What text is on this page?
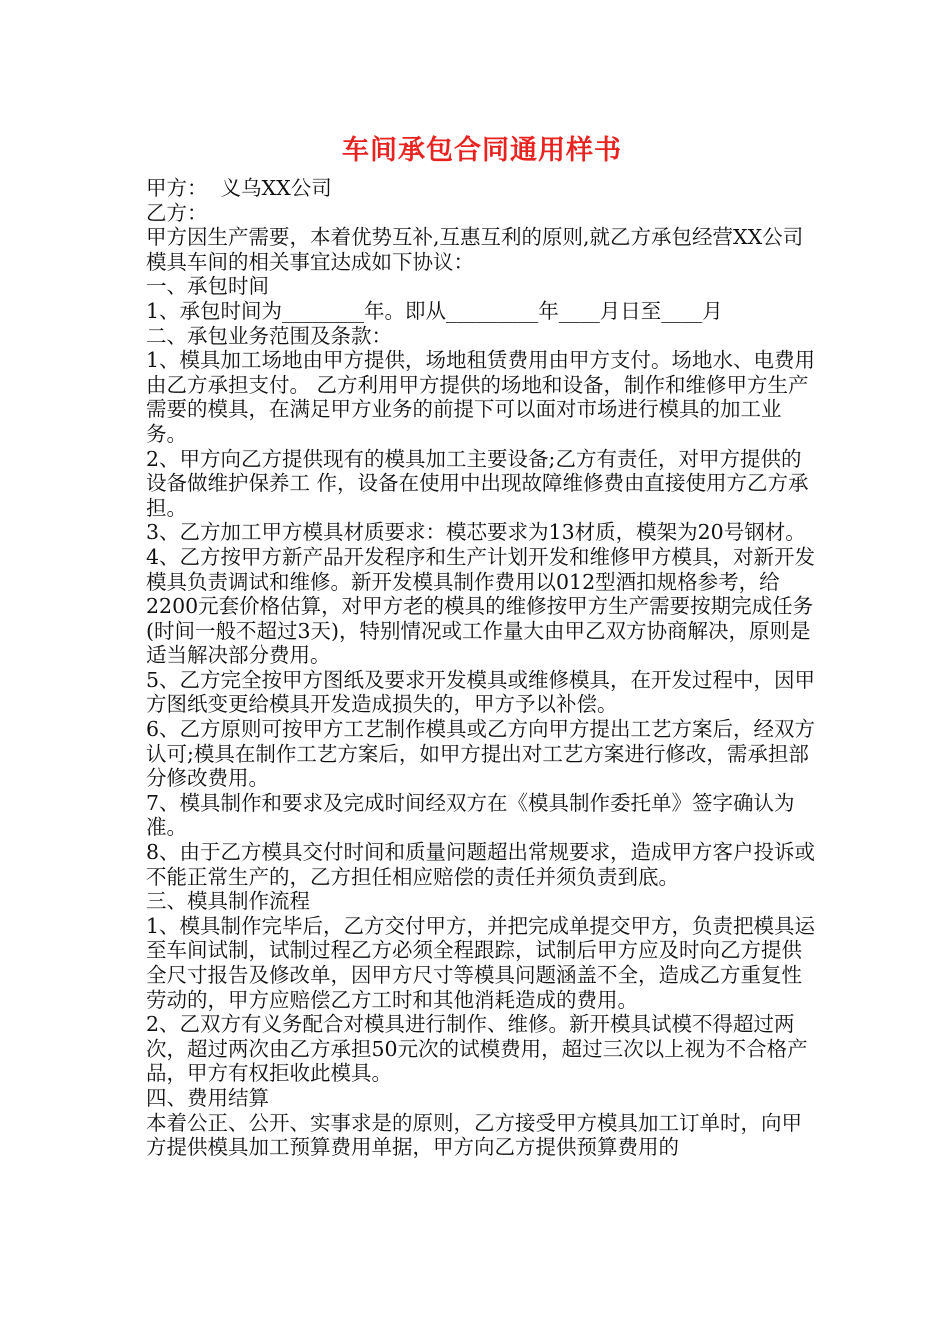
车间承包合同通用样书

甲方：  义乌XX公司

乙方：

甲方因生产需要，本着优势互补,互惠互利的原则,就乙方承包经营XX公司模具车间的相关事宜达成如下协议：

一、承包时间

1、承包时间为________年。即从_________年____月日至____月

二、承包业务范围及条款：

1、模具加工场地由甲方提供，场地租赁费用由甲方支付。场地水、电费用由乙方承担支付。 乙方利用甲方提供的场地和设备，制作和维修甲方生产需要的模具，在满足甲方业务的前提下可以面对市场进行模具的加工业务。

2、甲方向乙方提供现有的模具加工主要设备;乙方有责任，对甲方提供的设备做维护保养工 作，设备在使用中出现故障维修费由直接使用方乙方承担。

3、乙方加工甲方模具材质要求：模芯要求为13材质，模架为20号钢材。

4、乙方按甲方新产品开发程序和生产计划开发和维修甲方模具，对新开发模具负责调试和维修。新开发模具制作费用以012型酒扣规格参考，给2200元套价格估算，对甲方老的模具的维修按甲方生产需要按期完成任务(时间一般不超过3天)，特别情况或工作量大由甲乙双方协商解决，原则是适当解决部分费用。

5、乙方完全按甲方图纸及要求开发模具或维修模具，在开发过程中，因甲方图纸变更给模具开发造成损失的，甲方予以补偿。

6、乙方原则可按甲方工艺制作模具或乙方向甲方提出工艺方案后，经双方认可;模具在制作工艺方案后，如甲方提出对工艺方案进行修改，需承担部分修改费用。

7、模具制作和要求及完成时间经双方在《模具制作委托单》签字确认为准。

8、由于乙方模具交付时间和质量问题超出常规要求，造成甲方客户投诉或不能正常生产的，乙方担任相应赔偿的责任并须负责到底。

三、模具制作流程

1、模具制作完毕后，乙方交付甲方，并把完成单提交甲方，负责把模具运至车间试制，试制过程乙方必须全程跟踪，试制后甲方应及时向乙方提供全尺寸报告及修改单，因甲方尺寸等模具问题涵盖不全，造成乙方重复性劳动的，甲方应赔偿乙方工时和其他消耗造成的费用。

2、乙双方有义务配合对模具进行制作、维修。新开模具试模不得超过两次，超过两次由乙方承担50元次的试模费用，超过三次以上视为不合格产品，甲方有权拒收此模具。

四、费用结算

本着公正、公开、实事求是的原则，乙方接受甲方模具加工订单时，向甲方提供模具加工预算费用单据，甲方向乙方提供预算费用的
